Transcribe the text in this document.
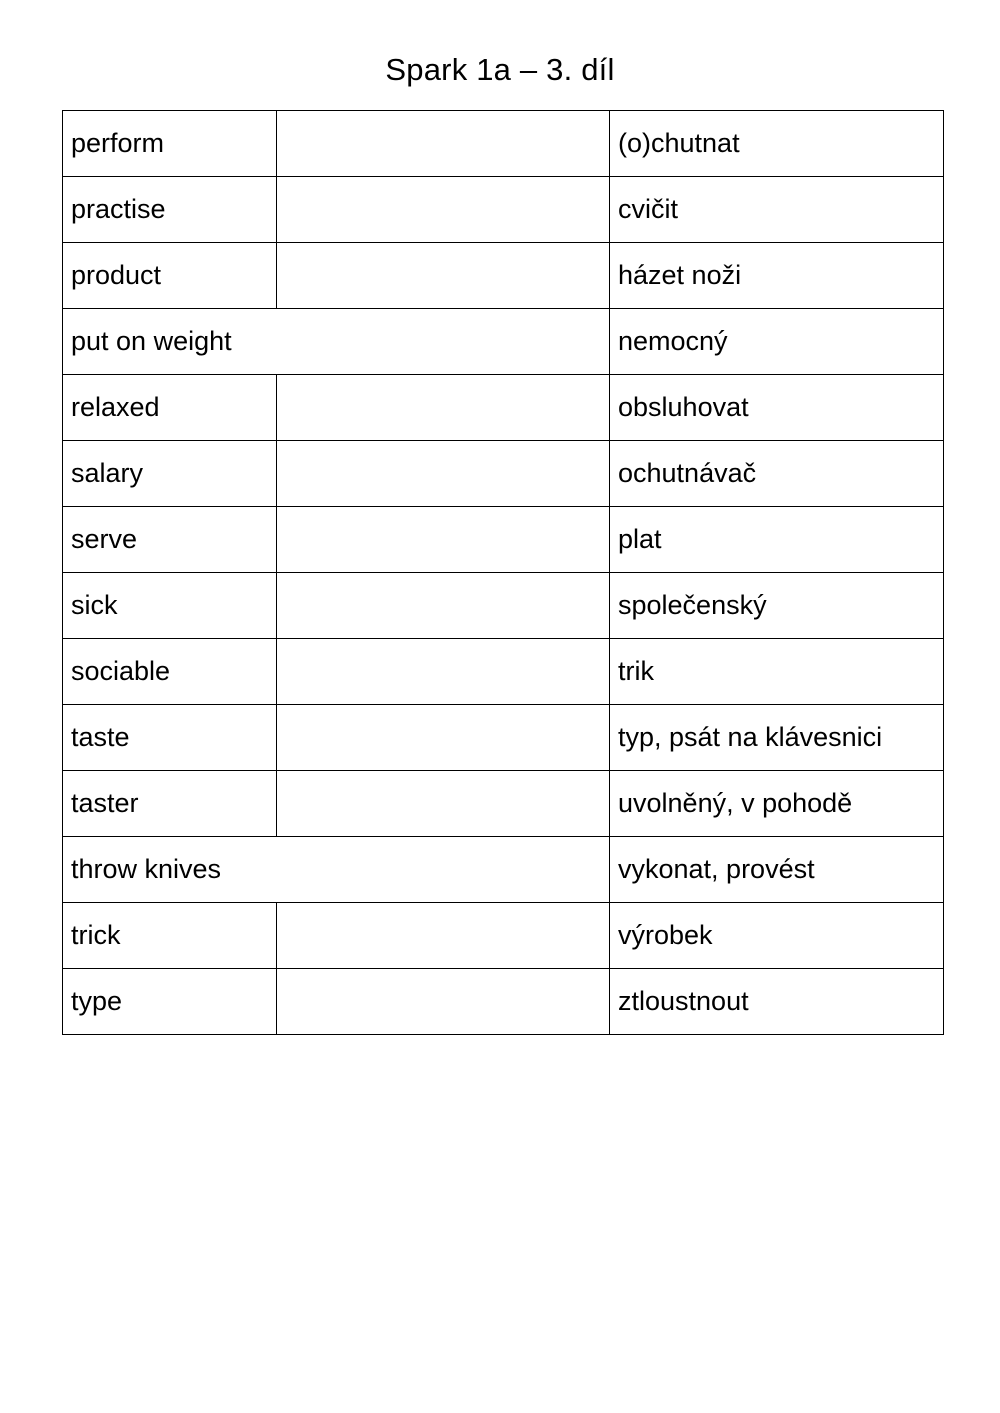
Spark 1a – 3. díl
perform		(o)chutnat
practise		cvičit
product		házet noži
put on weight		nemocný
relaxed		obsluhovat
salary		ochutnávač
serve		plat
sick		společenský
sociable		trik
taste		typ, psát na klávesnici
taster		uvolněný, v pohodě
throw knives		vykonat, provést
trick		výrobek
type		ztloustnout
